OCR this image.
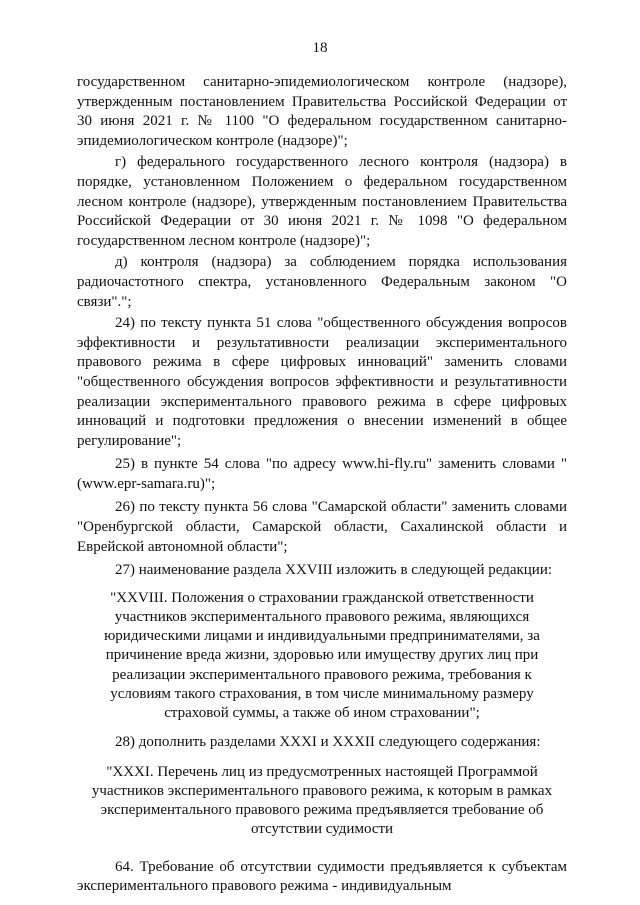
18

государственном санитарно-эпидемиологическом контроле (надзоре), утвержденным постановлением Правительства Российской Федерации от 30 июня 2021 г. № 1100 "О федеральном государственном санитарно-эпидемиологическом контроле (надзоре)";

г) федерального государственного лесного контроля (надзора) в порядке, установленном Положением о федеральном государственном лесном контроле (надзоре), утвержденным постановлением Правительства Российской Федерации от 30 июня 2021 г. № 1098 "О федеральном государственном лесном контроле (надзоре)";

д) контроля (надзора) за соблюдением порядка использования радиочастотного спектра, установленного Федеральным законом "О связи".";

24) по тексту пункта 51 слова "общественного обсуждения вопросов эффективности и результативности реализации экспериментального правового режима в сфере цифровых инноваций" заменить словами "общественного обсуждения вопросов эффективности и результативности реализации экспериментального правового режима в сфере цифровых инноваций и подготовки предложения о внесении изменений в общее регулирование";

25) в пункте 54 слова "по адресу www.hi-fly.ru" заменить словами "(www.epr-samara.ru)";

26) по тексту пункта 56 слова "Самарской области" заменить словами "Оренбургской области, Самарской области, Сахалинской области и Еврейской автономной области";

27) наименование раздела XXVIII изложить в следующей редакции:

"XXVIII. Положения о страховании гражданской ответственности участников экспериментального правового режима, являющихся юридическими лицами и индивидуальными предпринимателями, за причинение вреда жизни, здоровью или имуществу других лиц при реализации экспериментального правового режима, требования к условиям такого страхования, в том числе минимальному размеру страховой суммы, а также об ином страховании";

28) дополнить разделами XXXI и XXXII следующего содержания:

"XXXI. Перечень лиц из предусмотренных настоящей Программой участников экспериментального правового режима, к которым в рамках экспериментального правового режима предъявляется требование об отсутствии судимости

64. Требование об отсутствии судимости предъявляется к субъектам экспериментального правового режима - индивидуальным
